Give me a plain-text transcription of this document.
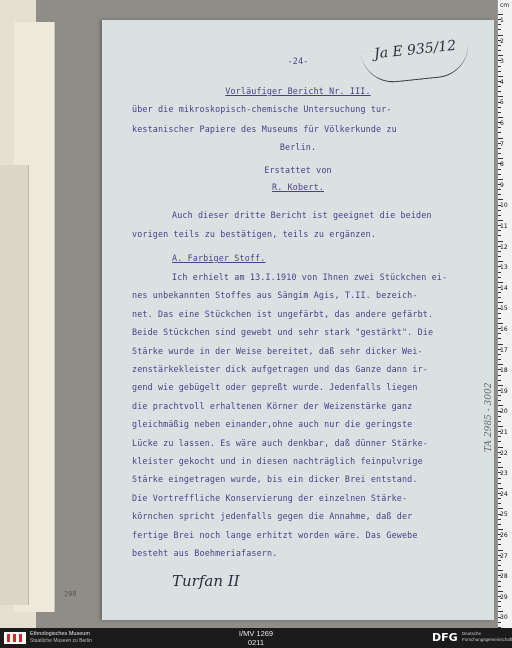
208
Ja E 935/12
-24-
Vorläufiger Bericht Nr. III.
über die mikroskopisch-chemische Untersuchung tur-
kestanischer Papiere des Museums für Völkerkunde zu
Berlin.
Erstattet von
R. Kobert.
Auch dieser dritte Bericht ist geeignet die beiden
vorigen teils zu bestätigen, teils zu ergänzen.
A. Farbiger Stoff.
Ich erhielt am 13.I.1910 von Ihnen zwei Stückchen ei-
nes unbekannten Stoffes aus Sängim Agis, T.II. bezeich-
net. Das eine Stückchen ist ungefärbt, das andere gefärbt.
Beide Stückchen sind gewebt und sehr stark "gestärkt". Die
Stärke wurde in der Weise bereitet, daß sehr dicker Wei-
zenstärkekleister dick aufgetragen und das Ganze dann ir-
gend wie gebügelt oder gepreßt wurde. Jedenfalls liegen
die prachtvoll erhaltenen Körner der Weizenstärke ganz
gleichmäßig neben einander,ohne auch nur die geringste
Lücke zu lassen. Es wäre auch denkbar, daß dünner Stärke-
kleister gekocht und in diesen nachträglich feinpulvrige
Stärke eingetragen wurde, bis ein dicker Brei entstand.
Die Vortreffliche Konservierung der einzelnen Stärke-
körnchen spricht jedenfalls gegen die Annahme, daß der
fertige Brei noch lange erhitzt worden wäre. Das Gewebe
besteht aus Boehmeriafasern.
Turfan II
TA 2985 - 3002
cm
1
2
3
4
5
6
7
8
9
10
11
12
13
14
15
16
17
18
19
20
21
22
23
24
25
26
27
28
29
30
Ethnologisches Museum
Staatliche Museen zu Berlin
I/MV 1269
0211	DFG Deutsche
Forschungsgemeinschaft
